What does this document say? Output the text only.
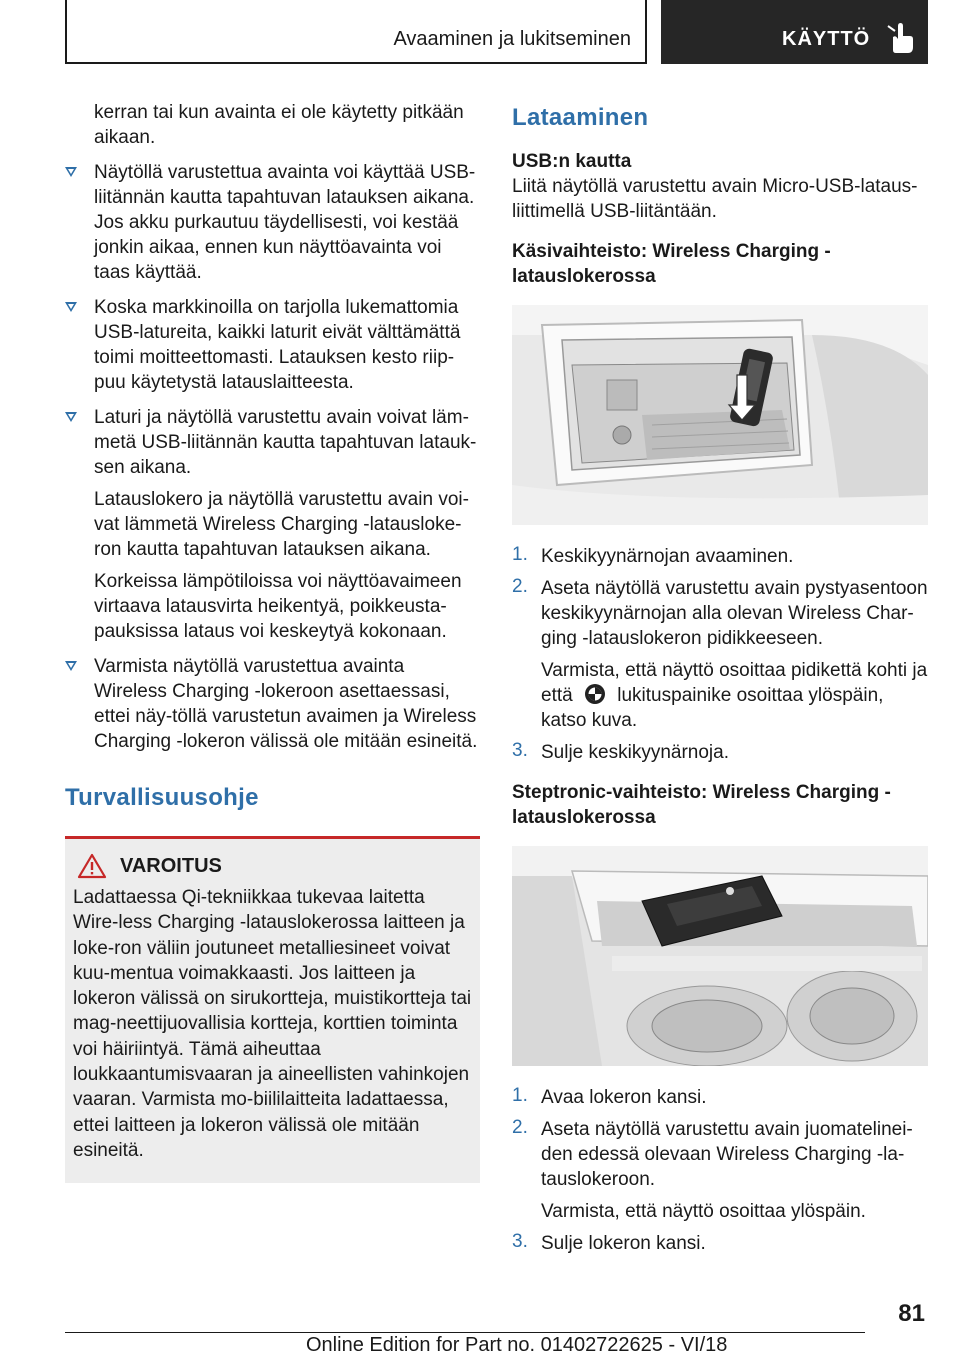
Avaaminen ja lukitseminen	KÄYTTÖ

kerran tai kun avainta ei ole käytetty pitkään aikaan.

Näytöllä varustettua avainta voi käyttää USB-liitännän kautta tapahtuvan latauksen aikana. Jos akku purkautuu täydellisesti, voi kestää jonkin aikaa, ennen kun näyttöavainta voi taas käyttää.

Koska markkinoilla on tarjolla lukemattomia USB-latureita, kaikki laturit eivät välttämättä toimi moitteettomasti. Latauksen kesto riip-puu käytetystä latauslaitteesta.

Laturi ja näytöllä varustettu avain voivat läm-metä USB-liitännän kautta tapahtuvan latauk-sen aikana.

Latauslokero ja näytöllä varustettu avain voi-vat lämmetä Wireless Charging -latausloke-ron kautta tapahtuvan latauksen aikana.

Korkeissa lämpötiloissa voi näyttöavaimeen virtaava latausvirta heikentyä, poikkeusta-pauksissa lataus voi keskeytyä kokonaan.

Varmista näytöllä varustettua avainta Wireless Charging -lokeroon asettaessasi, ettei näy-töllä varustetun avaimen ja Wireless Charging -lokeron välissä ole mitään esineitä.

Turvallisuusohje
VAROITUS

Ladattaessa Qi-tekniikkaa tukevaa laitetta Wire-less Charging -latauslokerossa laitteen ja loke-ron väliin joutuneet metalliesineet voivat kuu-mentua voimakkaasti. Jos laitteen ja lokeron välissä on sirukortteja, muistikortteja tai mag-neettijuovallisia kortteja, korttien toiminta voi häiriintyä. Tämä aiheuttaa loukkaantumisvaaran ja aineellisten vahinkojen vaaran. Varmista mo-biililaitteita ladattaessa, ettei laitteen ja lokeron välissä ole mitään esineitä.

Lataaminen
USB:n kautta

Liitä näytöllä varustettu avain Micro-USB-lataus-liittimellä USB-liitäntään.

Käsivaihteisto: Wireless Charging -latauslokerossa
1. Keskikyynärnojan avaaminen.

2. Aseta näytöllä varustettu avain pystyasentoon keskikyynärnojan alla olevan Wireless Char-ging -latauslokeron pidikkeeseen.

Varmista, että näyttö osoittaa pidikettä kohti ja että lukituspainike osoittaa ylöspäin, katso kuva.

3. Sulje keskikyynärnoja.

Steptronic-vaihteisto: Wireless Charging -latauslokerossa
1. Avaa lokeron kansi.

2. Aseta näytöllä varustettu avain juomatelinei-den edessä olevaan Wireless Charging -la-tauslokeroon.

Varmista, että näyttö osoittaa ylöspäin.

3. Sulje lokeron kansi.

81
Online Edition for Part no. 01402722625 - VI/18
